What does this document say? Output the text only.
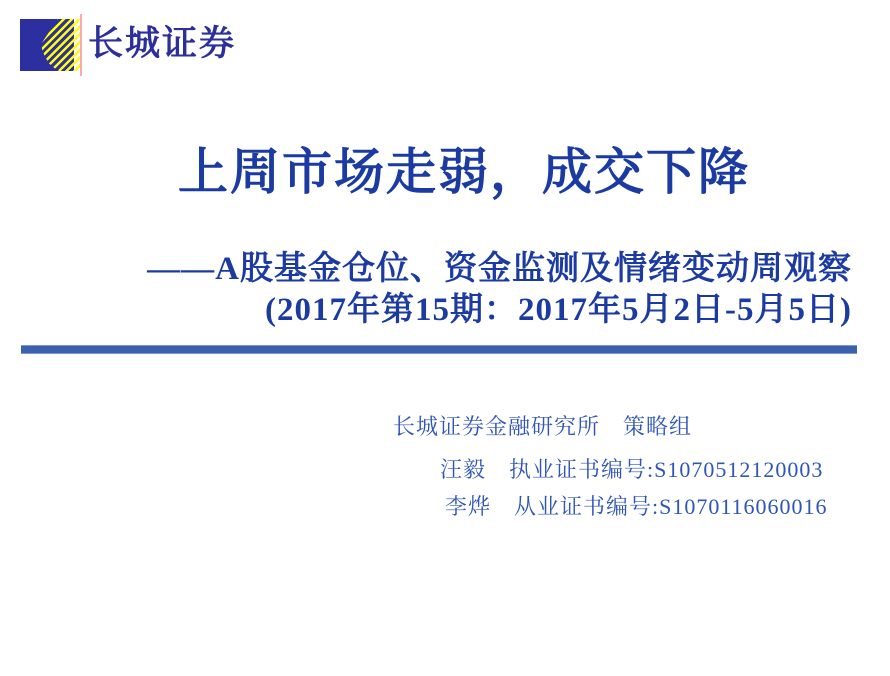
长城证券
上周市场走弱，成交下降
——A股基金仓位、资金监测及情绪变动周观察
(2017年第15期：2017年5月2日-5月5日)
长城证券金融研究所　策略组
汪毅　执业证书编号:S1070512120003
李烨　从业证书编号:S1070116060016
